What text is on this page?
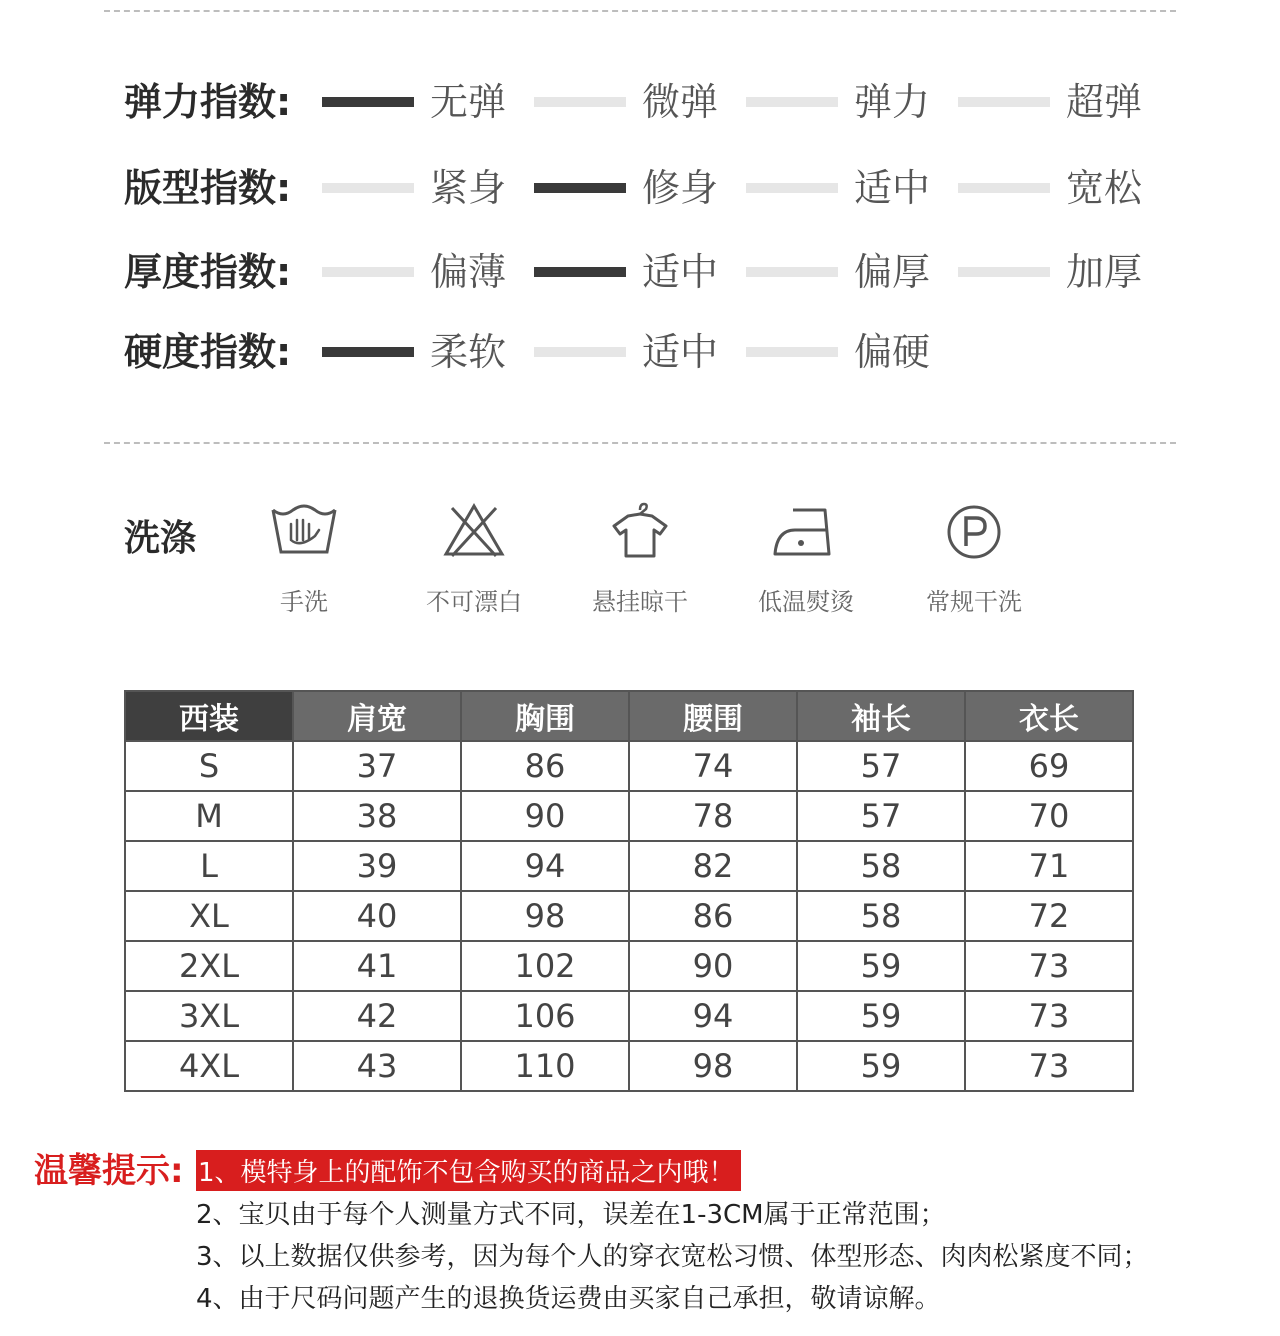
弹力指数:	无弹	微弹	弹力	超弹
版型指数:	紧身	修身	适中	宽松
厚度指数:	偏薄	适中	偏厚	加厚
硬度指数:	柔软	适中	偏硬
洗涤
手洗	不可漂白	悬挂晾干	低温熨烫	常规干洗
西装	肩宽	胸围	腰围	袖长	衣长
S	37	86	74	57	69
M	38	90	78	57	70
L	39	94	82	58	71
XL	40	98	86	58	72
2XL	41	102	90	59	73
3XL	42	106	94	59	73
4XL	43	110	98	59	73
温馨提示: 1、模特身上的配饰不包含购买的商品之内哦！
2、宝贝由于每个人测量方式不同，误差在1-3CM属于正常范围；
3、以上数据仅供参考，因为每个人的穿衣宽松习惯、体型形态、肉肉松紧度不同；
4、由于尺码问题产生的退换货运费由买家自己承担，敬请谅解。
